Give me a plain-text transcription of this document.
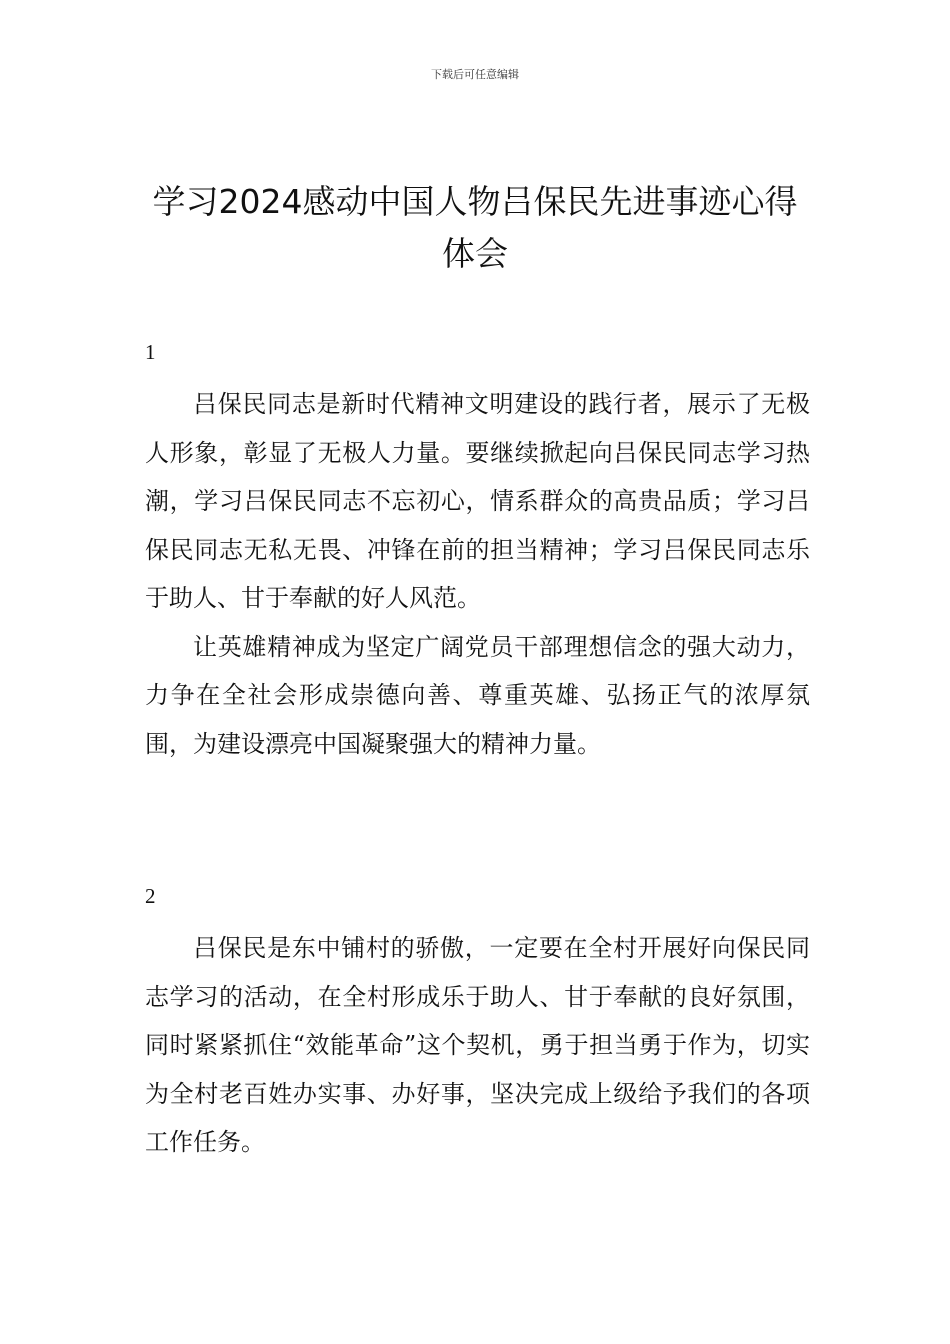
下载后可任意编辑
学习2024感动中国人物吕保民先进事迹心得体会
1

吕保民同志是新时代精神文明建设的践行者，展示了无极人形象，彰显了无极人力量。要继续掀起向吕保民同志学习热潮，学习吕保民同志不忘初心，情系群众的高贵品质；学习吕保民同志无私无畏、冲锋在前的担当精神；学习吕保民同志乐于助人、甘于奉献的好人风范。

让英雄精神成为坚定广阔党员干部理想信念的强大动力，力争在全社会形成崇德向善、尊重英雄、弘扬正气的浓厚氛围，为建设漂亮中国凝聚强大的精神力量。

2

吕保民是东中铺村的骄傲，一定要在全村开展好向保民同志学习的活动，在全村形成乐于助人、甘于奉献的良好氛围，同时紧紧抓住“效能革命”这个契机，勇于担当勇于作为，切实为全村老百姓办实事、办好事，坚决完成上级给予我们的各项工作任务。
